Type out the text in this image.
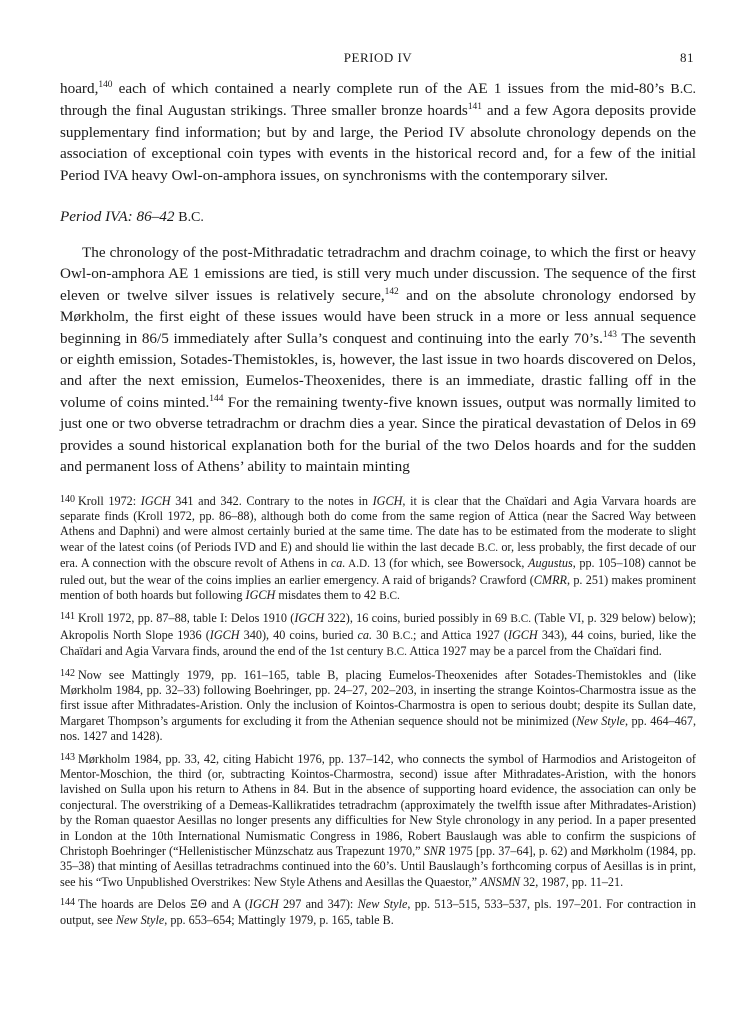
PERIOD IV	81

hoard,$^{140}$ each of which contained a nearly complete run of the AE 1 issues from the mid-80’s B.C. through the final Augustan strikings. Three smaller bronze hoards$^{141}$ and a few Agora deposits provide supplementary find information; but by and large, the Period IV absolute chronology depends on the association of exceptional coin types with events in the historical record and, for a few of the initial Period IVA heavy Owl-on-amphora issues, on synchronisms with the contemporary silver.

Period IVA: 86–42 B.C.

The chronology of the post-Mithradatic tetradrachm and drachm coinage, to which the first or heavy Owl-on-amphora AE 1 emissions are tied, is still very much under discussion. The sequence of the first eleven or twelve silver issues is relatively secure,$^{142}$ and on the absolute chronology endorsed by Mørkholm, the first eight of these issues would have been struck in a more or less annual sequence beginning in 86/5 immediately after Sulla’s conquest and continuing into the early 70’s.$^{143}$ The seventh or eighth emission, Sotades-Themistokles, is, however, the last issue in two hoards discovered on Delos, and after the next emission, Eumelos-Theoxenides, there is an immediate, drastic falling off in the volume of coins minted.$^{144}$ For the remaining twenty-five known issues, output was normally limited to just one or two obverse tetradrachm or drachm dies a year. Since the piratical devastation of Delos in 69 provides a sound historical explanation both for the burial of the two Delos hoards and for the sudden and permanent loss of Athens’ ability to maintain minting

$^{140}$ Kroll 1972: IGCH 341 and 342. Contrary to the notes in IGCH, it is clear that the Chaïdari and Agia Varvara hoards are separate finds (Kroll 1972, pp. 86–88), although both do come from the same region of Attica (near the Sacred Way between Athens and Daphni) and were almost certainly buried at the same time. The date has to be estimated from the moderate to slight wear of the latest coins (of Periods IVD and E) and should lie within the last decade B.C. or, less probably, the first decade of our era. A connection with the obscure revolt of Athens in ca. A.D. 13 (for which, see Bowersock, Augustus, pp. 105–108) cannot be ruled out, but the wear of the coins implies an earlier emergency. A raid of brigands? Crawford (CMRR, p. 251) makes prominent mention of both hoards but following IGCH misdates them to 42 B.C.

$^{141}$ Kroll 1972, pp. 87–88, table I: Delos 1910 (IGCH 322), 16 coins, buried possibly in 69 B.C. (Table VI, p. 329 below) below); Akropolis North Slope 1936 (IGCH 340), 40 coins, buried ca. 30 B.C.; and Attica 1927 (IGCH 343), 44 coins, buried, like the Chaïdari and Agia Varvara finds, around the end of the 1st century B.C. Attica 1927 may be a parcel from the Chaïdari find.

$^{142}$ Now see Mattingly 1979, pp. 161–165, table B, placing Eumelos-Theoxenides after Sotades-Themistokles and (like Mørkholm 1984, pp. 32–33) following Boehringer, pp. 24–27, 202–203, in inserting the strange Kointos-Charmostra issue as the first issue after Mithradates-Aristion. Only the inclusion of Kointos-Charmostra is open to serious doubt; despite its Sullan date, Margaret Thompson’s arguments for excluding it from the Athenian sequence should not be minimized (New Style, pp. 464–467, nos. 1427 and 1428).

$^{143}$ Mørkholm 1984, pp. 33, 42, citing Habicht 1976, pp. 137–142, who connects the symbol of Harmodios and Aristogeiton of Mentor-Moschion, the third (or, subtracting Kointos-Charmostra, second) issue after Mithradates-Aristion, with the honors lavished on Sulla upon his return to Athens in 84. But in the absence of supporting hoard evidence, the association can only be conjectural. The overstriking of a Demeas-Kallikratides tetradrachm (approximately the twelfth issue after Mithradates-Aristion) by the Roman quaestor Aesillas no longer presents any difficulties for New Style chronology in any period. In a paper presented in London at the 10th International Numismatic Congress in 1986, Robert Bauslaugh was able to confirm the suspicions of Christoph Boehringer (“Hellenistischer Münzschatz aus Trapezunt 1970,” SNR 1975 [pp. 37–64], p. 62) and Mørkholm (1984, pp. 35–38) that minting of Aesillas tetradrachms continued into the 60’s. Until Bauslaugh’s forthcoming corpus of Aesillas is in print, see his “Two Unpublished Overstrikes: New Style Athens and Aesillas the Quaestor,” ANSMN 32, 1987, pp. 11–21.

$^{144}$ The hoards are Delos ΞΘ and A (IGCH 297 and 347): New Style, pp. 513–515, 533–537, pls. 197–201. For contraction in output, see New Style, pp. 653–654; Mattingly 1979, p. 165, table B.
